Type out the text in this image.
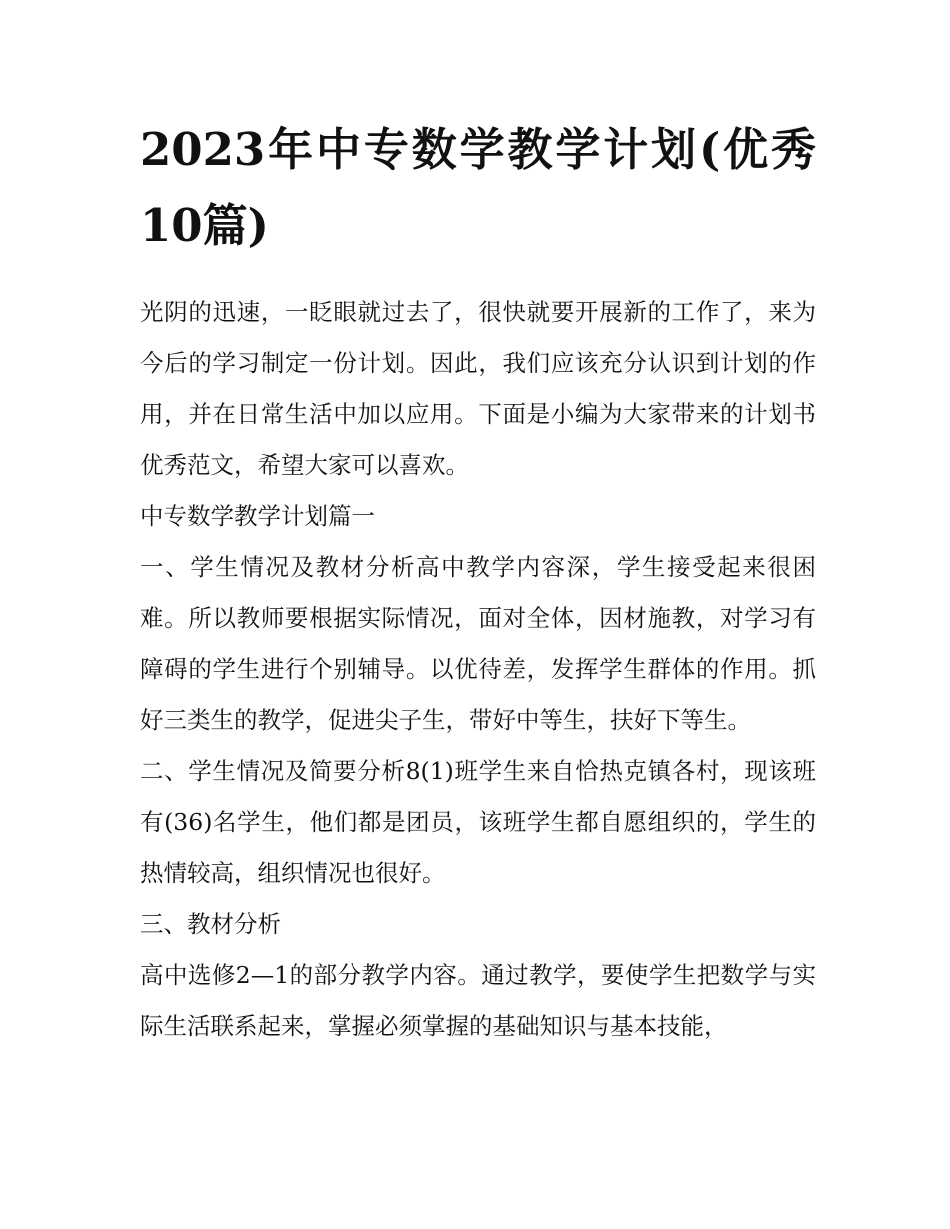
2023年中专数学教学计划(优秀10篇)

光阴的迅速，一眨眼就过去了，很快就要开展新的工作了，来为今后的学习制定一份计划。因此，我们应该充分认识到计划的作用，并在日常生活中加以应用。下面是小编为大家带来的计划书优秀范文，希望大家可以喜欢。

中专数学教学计划篇一

一、学生情况及教材分析高中教学内容深，学生接受起来很困难。所以教师要根据实际情况，面对全体，因材施教，对学习有障碍的学生进行个别辅导。以优待差，发挥学生群体的作用。抓好三类生的教学，促进尖子生，带好中等生，扶好下等生。

二、学生情况及简要分析8(1)班学生来自恰热克镇各村，现该班有(36)名学生，他们都是团员，该班学生都自愿组织的，学生的热情较高，组织情况也很好。

三、教材分析

高中选修2—1的部分教学内容。通过教学，要使学生把数学与实际生活联系起来，掌握必须掌握的基础知识与基本技能，
